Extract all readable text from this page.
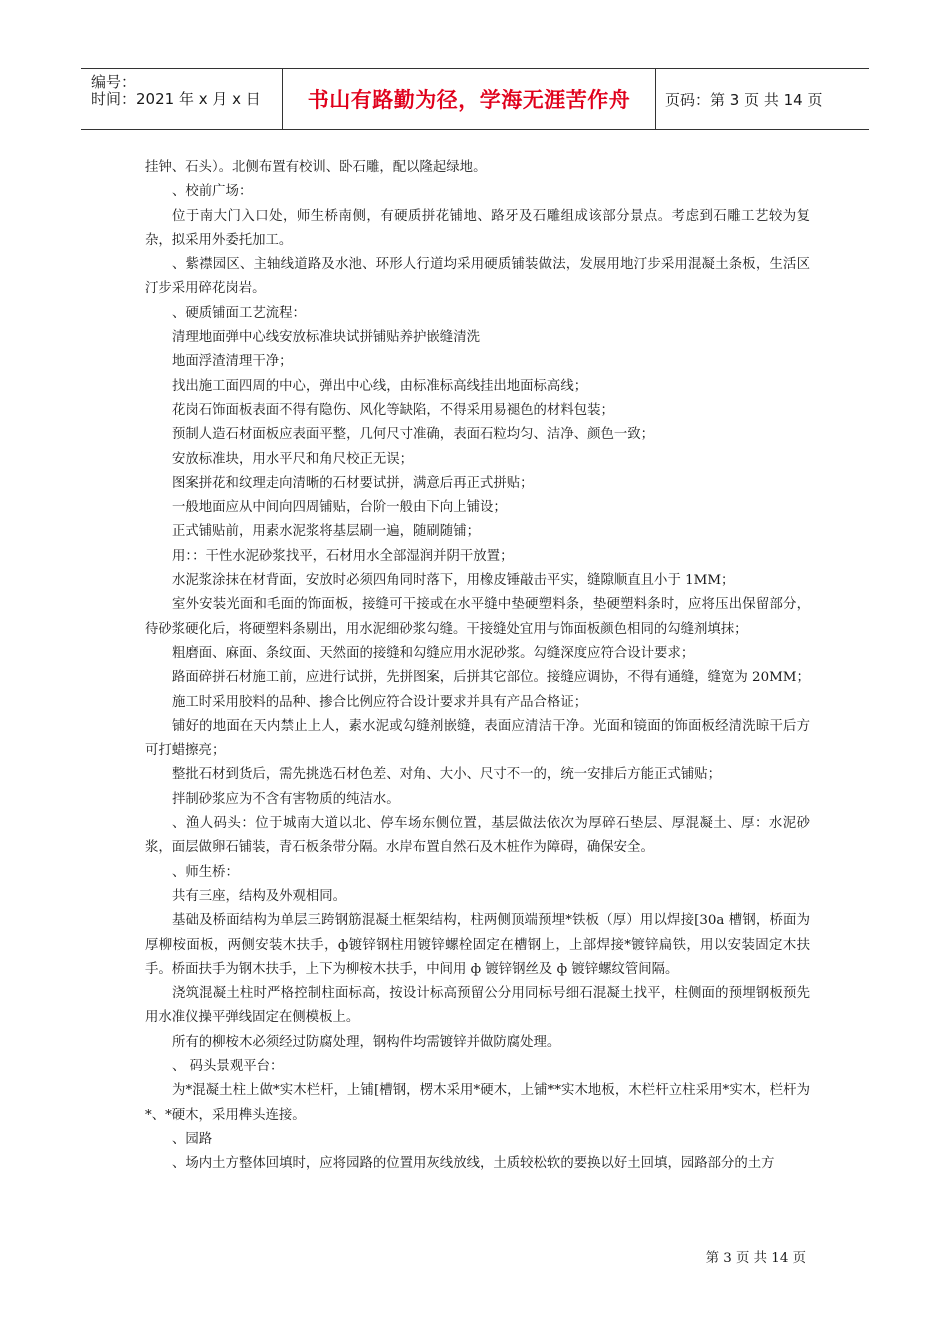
编号：
时间：2021 年 x 月 x 日 书山有路勤为径，学海无涯苦作舟	页码：第 3 页 共 14 页

挂钟、石头）。北侧布置有校训、卧石雕，配以隆起绿地。

、校前广场：

位于南大门入口处，师生桥南侧，有硬质拼花铺地、路牙及石雕组成该部分景点。考虑到石雕工艺较为复杂，拟采用外委托加工。

、紫襟园区、主轴线道路及水池、环形人行道均采用硬质铺装做法，发展用地汀步采用混凝土条板，生活区汀步采用碎花岗岩。

、硬质铺面工艺流程：

清理地面弹中心线安放标准块试拼铺贴养护嵌缝清洗

地面浮渣清理干净；

找出施工面四周的中心，弹出中心线，由标准标高线挂出地面标高线；

花岗石饰面板表面不得有隐伤、风化等缺陷，不得采用易褪色的材料包装；

预制人造石材面板应表面平整，几何尺寸准确，表面石粒均匀、洁净、颜色一致；

安放标准块，用水平尺和角尺校正无误；

图案拼花和纹理走向清晰的石材要试拼，满意后再正式拼贴；

一般地面应从中间向四周铺贴，台阶一般由下向上铺设；

正式铺贴前，用素水泥浆将基层刷一遍，随刷随铺；

用：：干性水泥砂浆找平，石材用水全部湿润并阴干放置；

水泥浆涂抹在材背面，安放时必须四角同时落下，用橡皮锤敲击平实，缝隙顺直且小于 1MM；

室外安装光面和毛面的饰面板，接缝可干接或在水平缝中垫硬塑料条，垫硬塑料条时，应将压出保留部分，待砂浆硬化后，将硬塑料条剔出，用水泥细砂浆勾缝。干接缝处宜用与饰面板颜色相同的勾缝剂填抹；

粗磨面、麻面、条纹面、天然面的接缝和勾缝应用水泥砂浆。勾缝深度应符合设计要求；

路面碎拼石材施工前，应进行试拼，先拼图案，后拼其它部位。接缝应调协，不得有通缝，缝宽为 20MM；

施工时采用胶料的品种、掺合比例应符合设计要求并具有产品合格证；

铺好的地面在天内禁止上人，素水泥或勾缝剂嵌缝，表面应清洁干净。光面和镜面的饰面板经清洗晾干后方可打蜡擦亮；

整批石材到货后，需先挑选石材色差、对角、大小、尺寸不一的，统一安排后方能正式铺贴；

拌制砂浆应为不含有害物质的纯洁水。

、渔人码头：位于城南大道以北、停车场东侧位置，基层做法依次为厚碎石垫层、厚混凝土、厚：水泥砂浆，面层做卵石铺装，青石板条带分隔。水岸布置自然石及木桩作为障碍，确保安全。

、师生桥：

共有三座，结构及外观相同。

基础及桥面结构为单层三跨钢筋混凝土框架结构，柱两侧顶端预埋*铁板（厚）用以焊接[30a 槽钢，桥面为厚柳桉面板，两侧安装木扶手，ф镀锌钢柱用镀锌螺栓固定在槽钢上，上部焊接*镀锌扁铁，用以安装固定木扶手。桥面扶手为钢木扶手，上下为柳桉木扶手，中间用 ф 镀锌钢丝及 ф 镀锌螺纹管间隔。

浇筑混凝土柱时严格控制柱面标高，按设计标高预留公分用同标号细石混凝土找平，柱侧面的预埋钢板预先用水准仪操平弹线固定在侧模板上。

所有的柳桉木必须经过防腐处理，钢构件均需镀锌并做防腐处理。

、 码头景观平台：

为*混凝土柱上做*实木栏杆，上铺[槽钢，楞木采用*硬木，上铺**实木地板，木栏杆立柱采用*实木，栏杆为*、*硬木，采用榫头连接。

、园路

、场内土方整体回填时，应将园路的位置用灰线放线，土质较松软的要换以好土回填，园路部分的土方

第 3 页 共 14 页
